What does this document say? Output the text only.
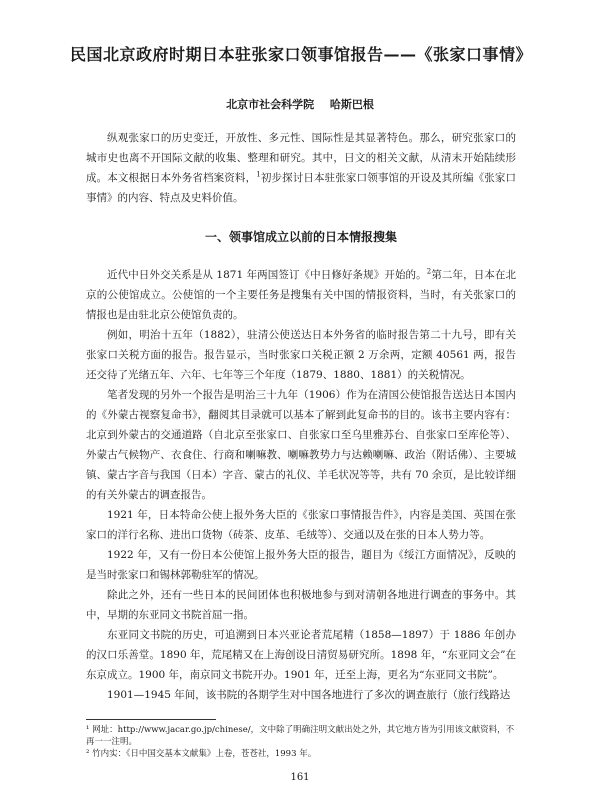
民国北京政府时期日本驻张家口领事馆报告——《张家口事情》
北京市社会科学院 哈斯巴根

纵观张家口的历史变迁，开放性、多元性、国际性是其显著特色。那么，研究张家口的城市史也离不开国际文献的收集、整理和研究。其中，日文的相关文献，从清末开始陆续形成。本文根据日本外务省档案资料，$^1$初步探讨日本驻张家口领事馆的开设及其所编《张家口事情》的内容、特点及史料价值。

一、领事馆成立以前的日本情报搜集

近代中日外交关系是从 1871 年两国签订《中日修好条规》开始的。$^2$第二年，日本在北京的公使馆成立。公使馆的一个主要任务是搜集有关中国的情报资料，当时，有关张家口的情报也是由驻北京公使馆负责的。

例如，明治十五年（1882），驻清公使送达日本外务省的临时报告第二十九号，即有关张家口关税方面的报告。报告显示，当时张家口关税正额 2 万余两，定额 40561 两，报告还交待了光绪五年、六年、七年等三个年度（1879、1880、1881）的关税情况。

笔者发现的另外一个报告是明治三十九年（1906）作为在清国公使馆报告送达日本国内的《外蒙古视察复命书》，翻阅其目录就可以基本了解到此复命书的目的。该书主要内容有：北京到外蒙古的交通道路（自北京至张家口、自张家口至乌里雅苏台、自张家口至库伦等）、外蒙古气候物产、衣食住、行商和喇嘛教、喇嘛教势力与达赖喇嘛、政治（附话佛）、主要城镇、蒙古字音与我国（日本）字音、蒙古的礼仪、羊毛状况等等，共有 70 余页，是比较详细的有关外蒙古的调查报告。

1921 年，日本特命公使上报外务大臣的《张家口事情报告件》，内容是美国、英国在张家口的洋行名称、进出口货物（砖茶、皮革、毛绒等）、交通以及在张的日本人势力等。

1922 年，又有一份日本公使馆上报外务大臣的报告，题目为《绥江方面情况》，反映的是当时张家口和锡林郭勒驻军的情况。

除此之外，还有一些日本的民间团体也积极地参与到对清朝各地进行调查的事务中。其中，早期的东亚同文书院首屈一指。

东亚同文书院的历史，可追溯到日本兴亚论者荒尾精（1858—1897）于 1886 年创办的汉口乐善堂。1890 年，荒尾精又在上海创设日清贸易研究所。1898 年，“东亚同文会”在东京成立。1900 年，南京同文书院开办。1901 年，迁至上海，更名为“东亚同文书院”。

1901—1945 年间，该书院的各期学生对中国各地进行了多次的调查旅行（旅行线路达

¹ 网址：http://www.jacar.go.jp/chinese/，文中除了明确注明文献出处之外，其它地方皆为引用该文献资料，不再一一注明。
² 竹内实：《日中国交基本文献集》上卷，苍苍社，1993 年。
161
